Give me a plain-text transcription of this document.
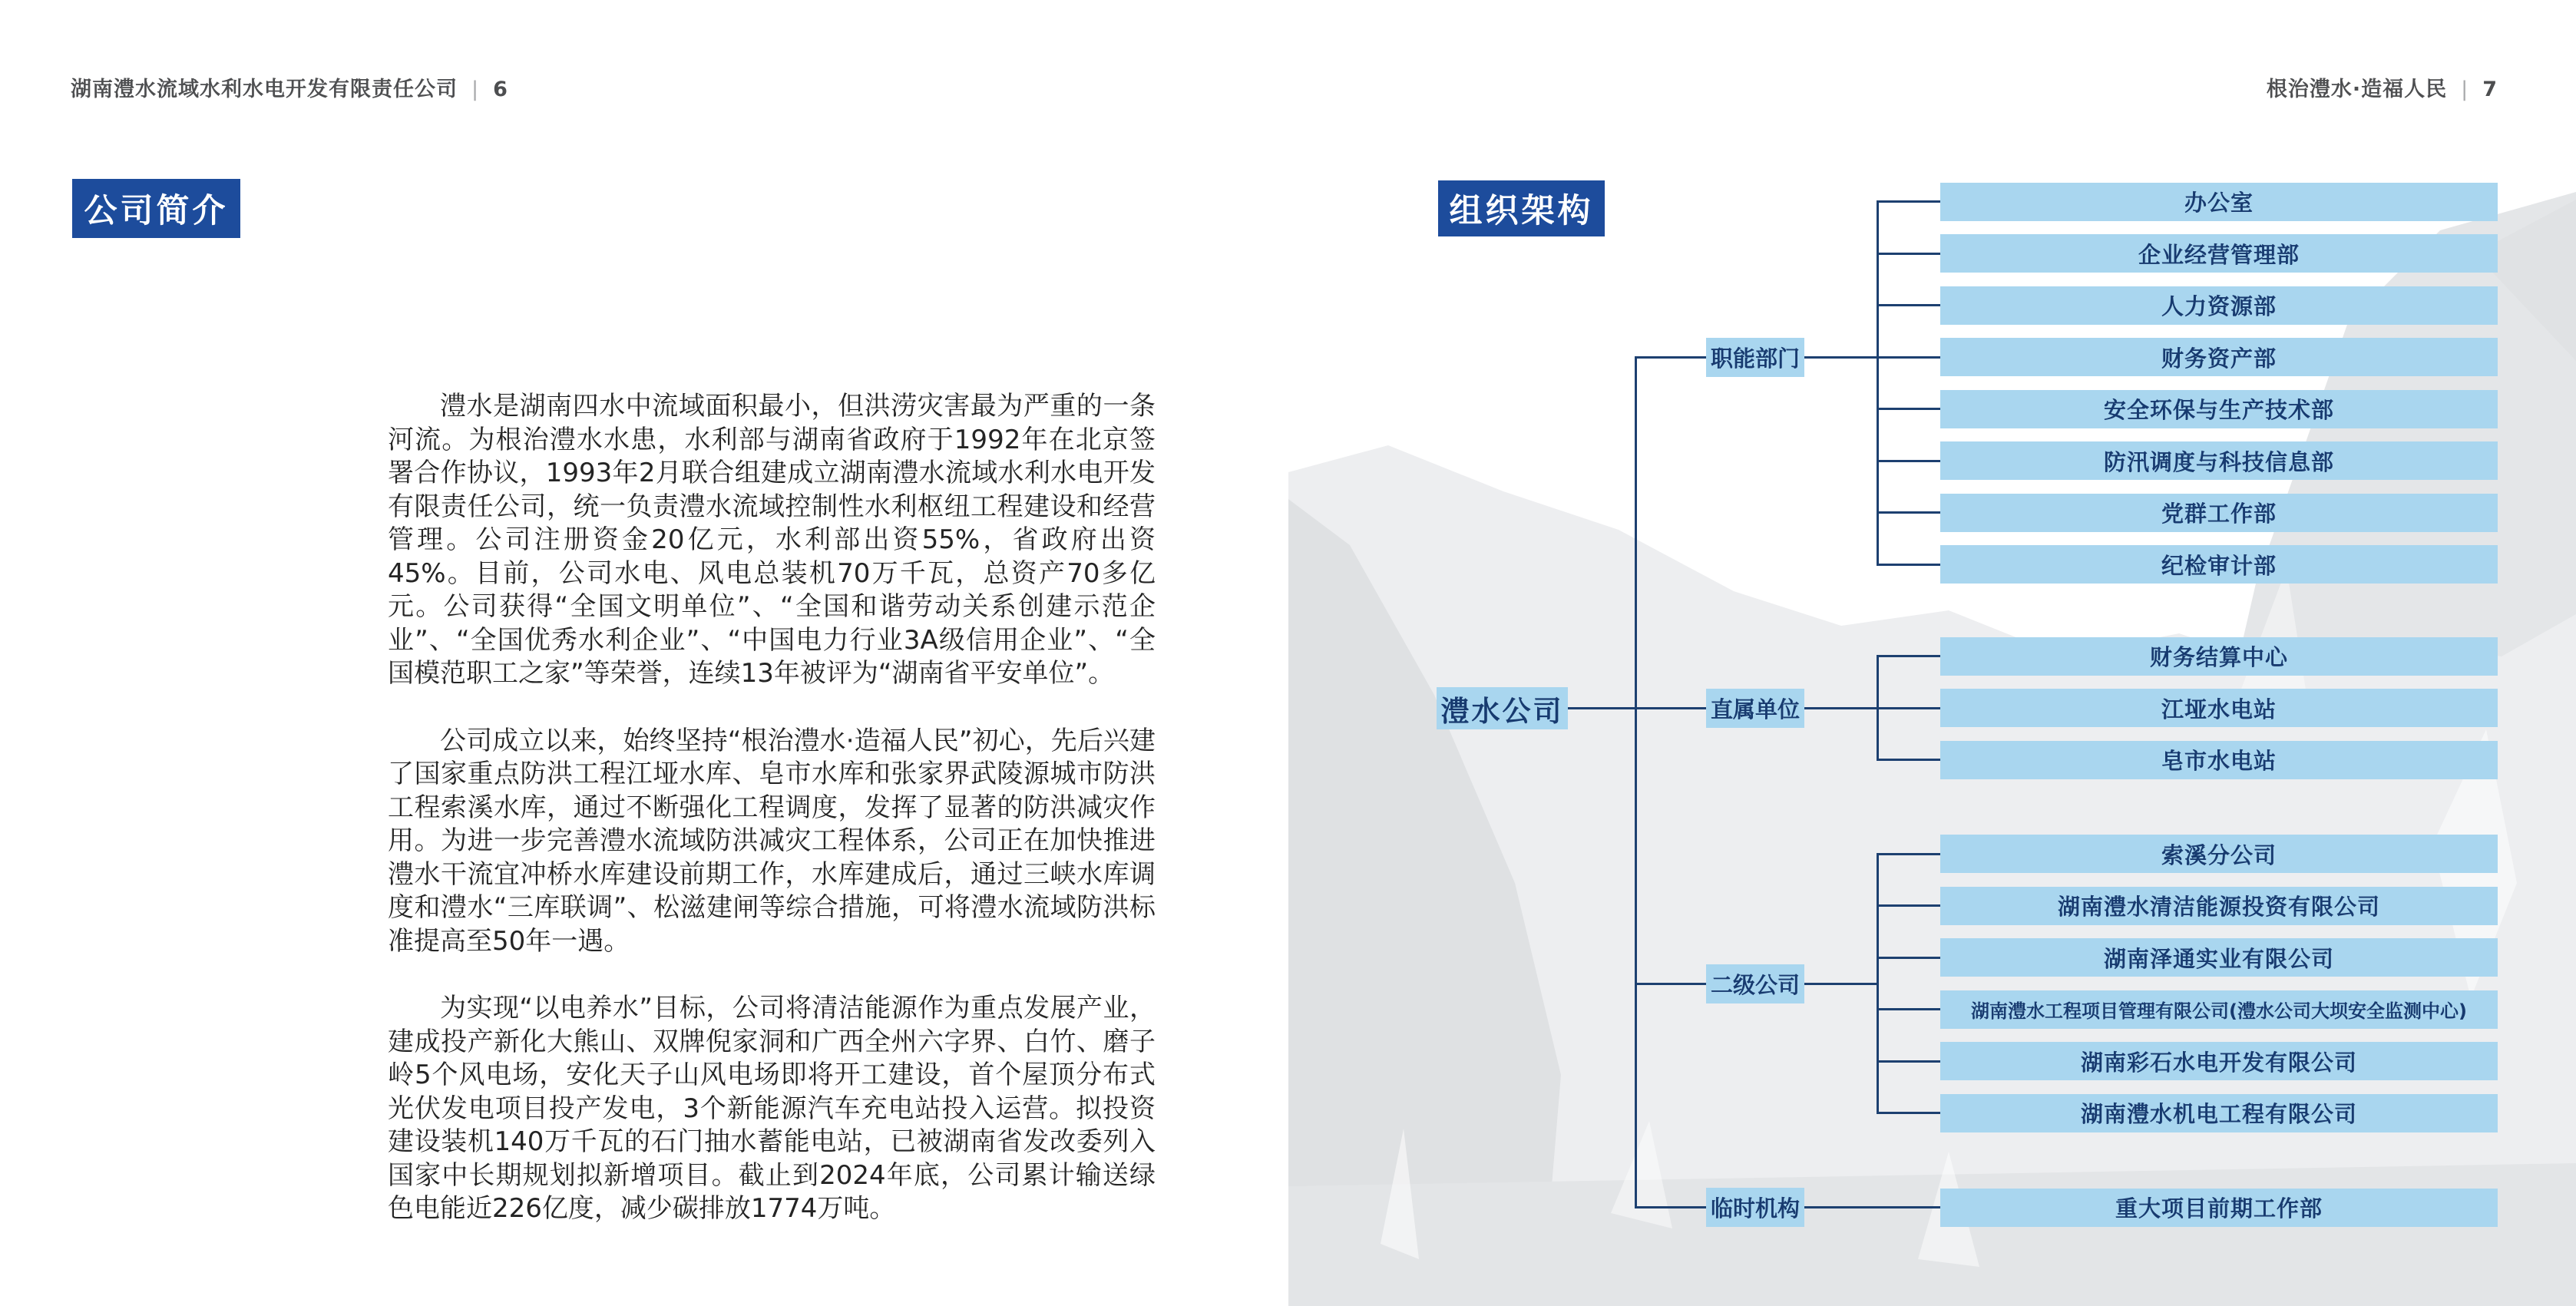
湖南澧水流域水利水电开发有限责任公司 | 6	根治澧水·造福人民 | 7
公司简介	组织架构

澧水是湖南四水中流域面积最小，但洪涝灾害最为严重的一条河流。为根治澧水水患，水利部与湖南省政府于1992年在北京签署合作协议，1993年2月联合组建成立湖南澧水流域水利水电开发有限责任公司，统一负责澧水流域控制性水利枢纽工程建设和经营管理。公司注册资金20亿元，水利部出资55%，省政府出资45%。目前，公司水电、风电总装机70万千瓦，总资产70多亿元。公司获得“全国文明单位”、“全国和谐劳动关系创建示范企业”、“全国优秀水利企业”、“中国电力行业3A级信用企业”、“全国模范职工之家”等荣誉，连续13年被评为“湖南省平安单位”。

公司成立以来，始终坚持“根治澧水·造福人民”初心，先后兴建了国家重点防洪工程江垭水库、皂市水库和张家界武陵源城市防洪工程索溪水库，通过不断强化工程调度，发挥了显著的防洪减灾作用。为进一步完善澧水流域防洪减灾工程体系，公司正在加快推进澧水干流宜冲桥水库建设前期工作，水库建成后，通过三峡水库调度和澧水“三库联调”、松滋建闸等综合措施，可将澧水流域防洪标准提高至50年一遇。

为实现“以电养水”目标，公司将清洁能源作为重点发展产业，建成投产新化大熊山、双牌倪家洞和广西全州六字界、白竹、磨子岭5个风电场，安化天子山风电场即将开工建设，首个屋顶分布式光伏发电项目投产发电，3个新能源汽车充电站投入运营。拟投资建设装机140万千瓦的石门抽水蓄能电站，已被湖南省发改委列入国家中长期规划拟新增项目。截止到2024年底，公司累计输送绿色电能近226亿度，减少碳排放1774万吨。

澧水公司
职能部门
办公室
企业经营管理部
人力资源部
财务资产部
安全环保与生产技术部
防汛调度与科技信息部
党群工作部
纪检审计部
直属单位
财务结算中心
江垭水电站
皂市水电站
二级公司
索溪分公司
湖南澧水清洁能源投资有限公司
湖南泽通实业有限公司
湖南澧水工程项目管理有限公司(澧水公司大坝安全监测中心)
湖南彩石水电开发有限公司
湖南澧水机电工程有限公司
临时机构	重大项目前期工作部
